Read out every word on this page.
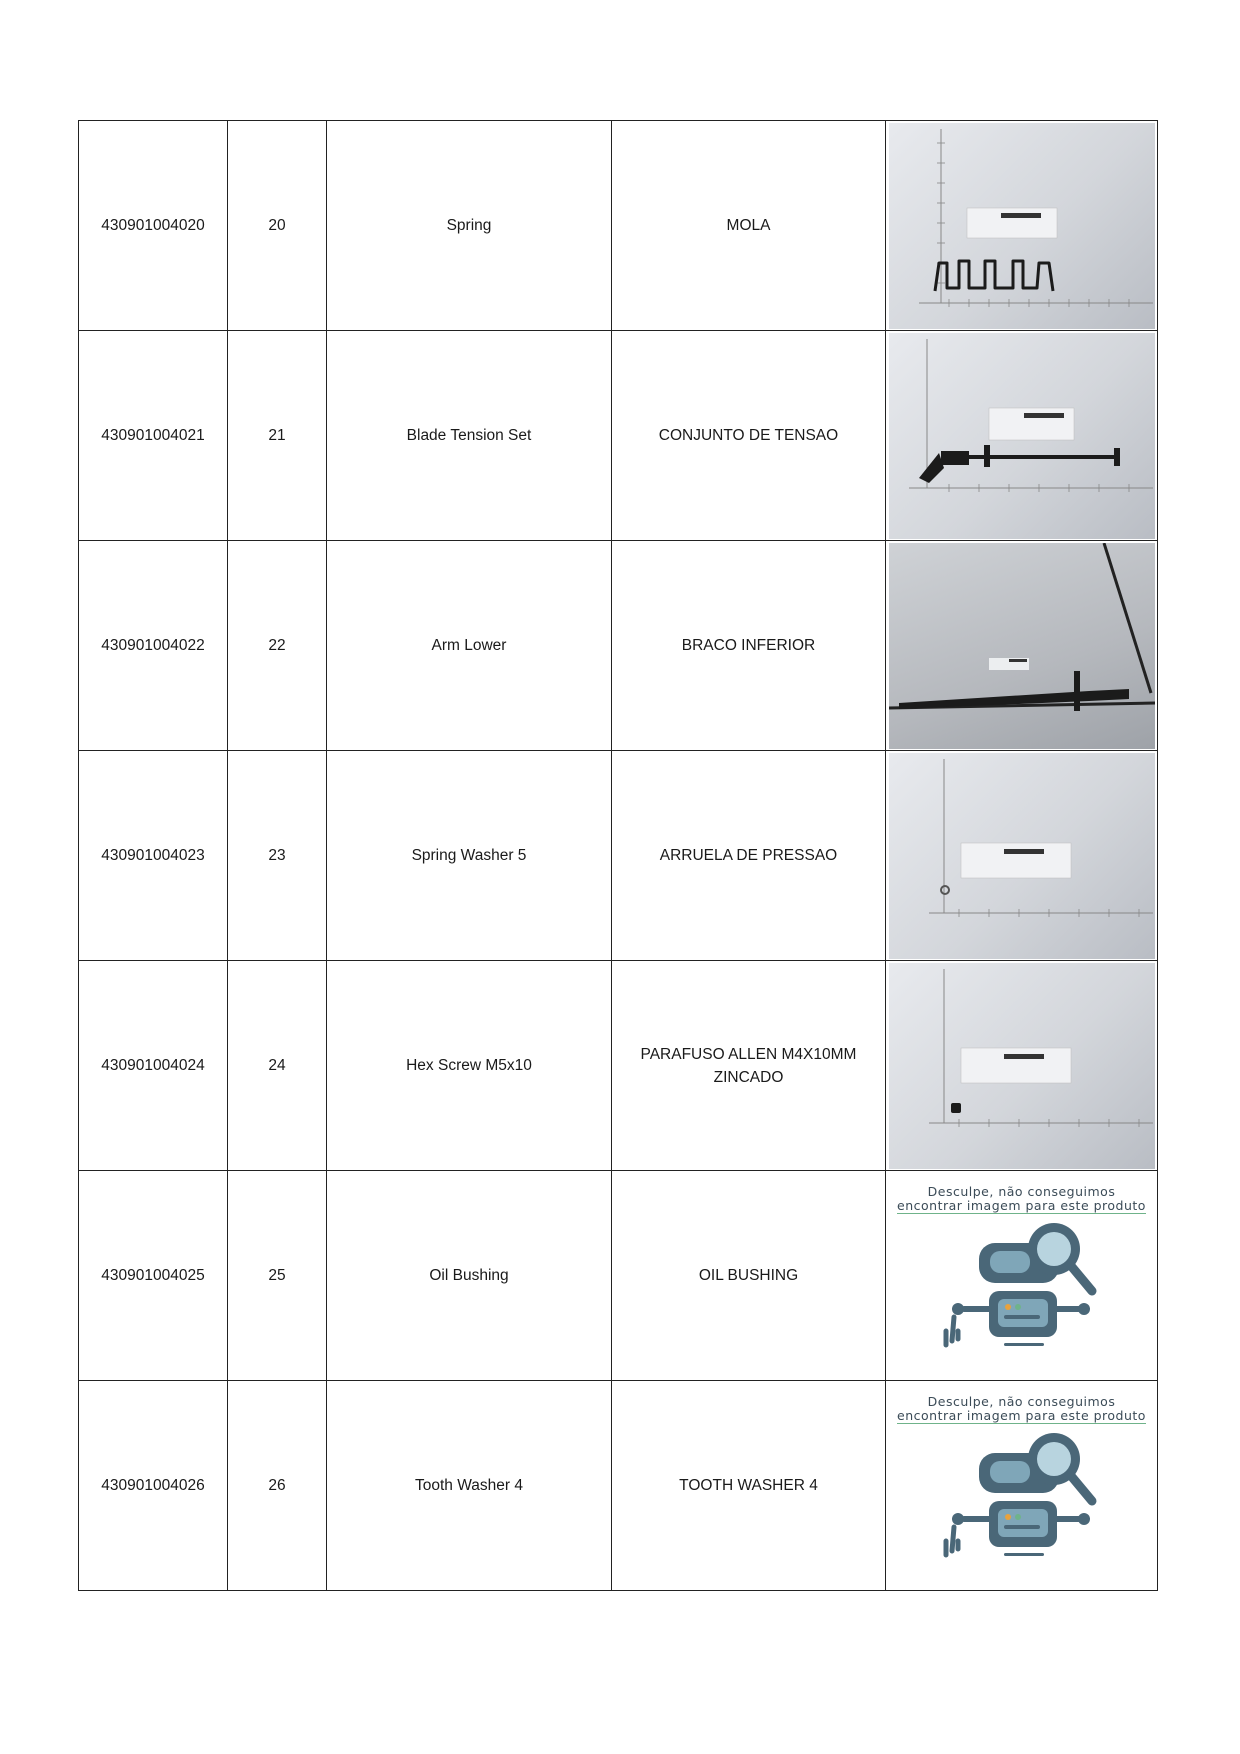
430901004020	20	Spring	MOLA	

430901004021	21	Blade Tension Set	CONJUNTO DE TENSAO	

430901004022	22	Arm Lower	BRACO INFERIOR	

430901004023	23	Spring Washer 5	ARRUELA DE PRESSAO	

430901004024	24	Hex Screw M5x10	PARAFUSO ALLEN M4X10MM ZINCADO	

430901004025	25	Oil Bushing	OIL BUSHING	Desculpe, não conseguimos
encontrar imagem para este produto

430901004026	26	Tooth Washer 4	TOOTH WASHER 4	Desculpe, não conseguimos
encontrar imagem para este produto
